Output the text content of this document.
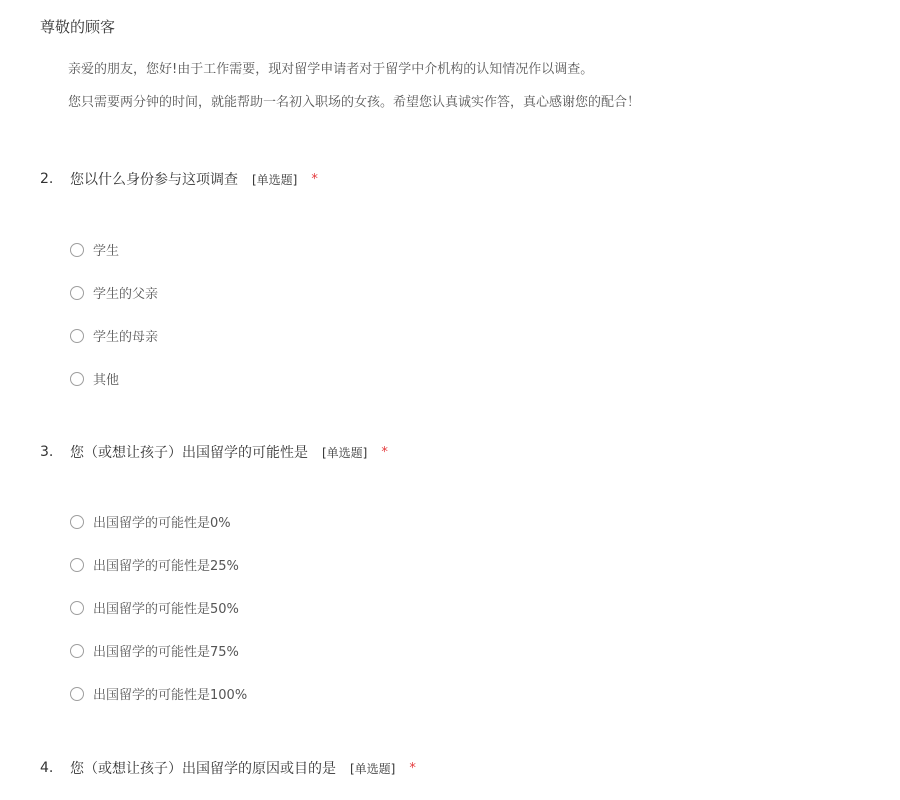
尊敬的顾客
亲爱的朋友，您好!由于工作需要，现对留学申请者对于留学中介机构的认知情况作以调查。
您只需要两分钟的时间，就能帮助一名初入职场的女孩。希望您认真诚实作答，真心感谢您的配合！
2.	您以什么身份参与这项调查 [单选题] *
学生
学生的父亲
学生的母亲
其他
3.	您（或想让孩子）出国留学的可能性是 [单选题] *
出国留学的可能性是0%
出国留学的可能性是25%
出国留学的可能性是50%
出国留学的可能性是75%
出国留学的可能性是100%
4.	您（或想让孩子）出国留学的原因或目的是 [单选题] *
